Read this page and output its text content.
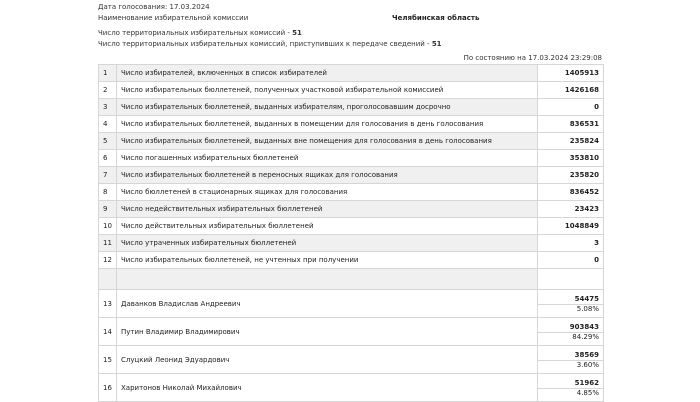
Дата голосования: 17.03.2024
Наименование избирательной комиссии	Челябинская область
Число территориальных избирательных комиссий - 51
Число территориальных избирательных комиссий, приступивших к передаче сведений - 51
По состоянию на 17.03.2024 23:29:08
1	Число избирателей, включенных в список избирателей	1405913
2	Число избирательных бюллетеней, полученных участковой избирательной комиссией	1426168
3	Число избирательных бюллетеней, выданных избирателям, проголосовавшим досрочно	0
4	Число избирательных бюллетеней, выданных в помещении для голосования в день голосования	836531
5	Число избирательных бюллетеней, выданных вне помещения для голосования в день голосования	235824
6	Число погашенных избирательных бюллетеней	353810
7	Число избирательных бюллетеней в переносных ящиках для голосования	235820
8	Число бюллетеней в стационарных ящиках для голосования	836452
9	Число недействительных избирательных бюллетеней	23423
10	Число действительных избирательных бюллетеней	1048849
11	Число утраченных избирательных бюллетеней	3
12	Число избирательных бюллетеней, не учтенных при получении	0

13	Даванков Владислав Андреевич	54475
5.08%

14	Путин Владимир Владимирович	903843
84.29%

15	Слуцкий Леонид Эдуардович	38569
3.60%

16	Харитонов Николай Михайлович	51962
4.85%
